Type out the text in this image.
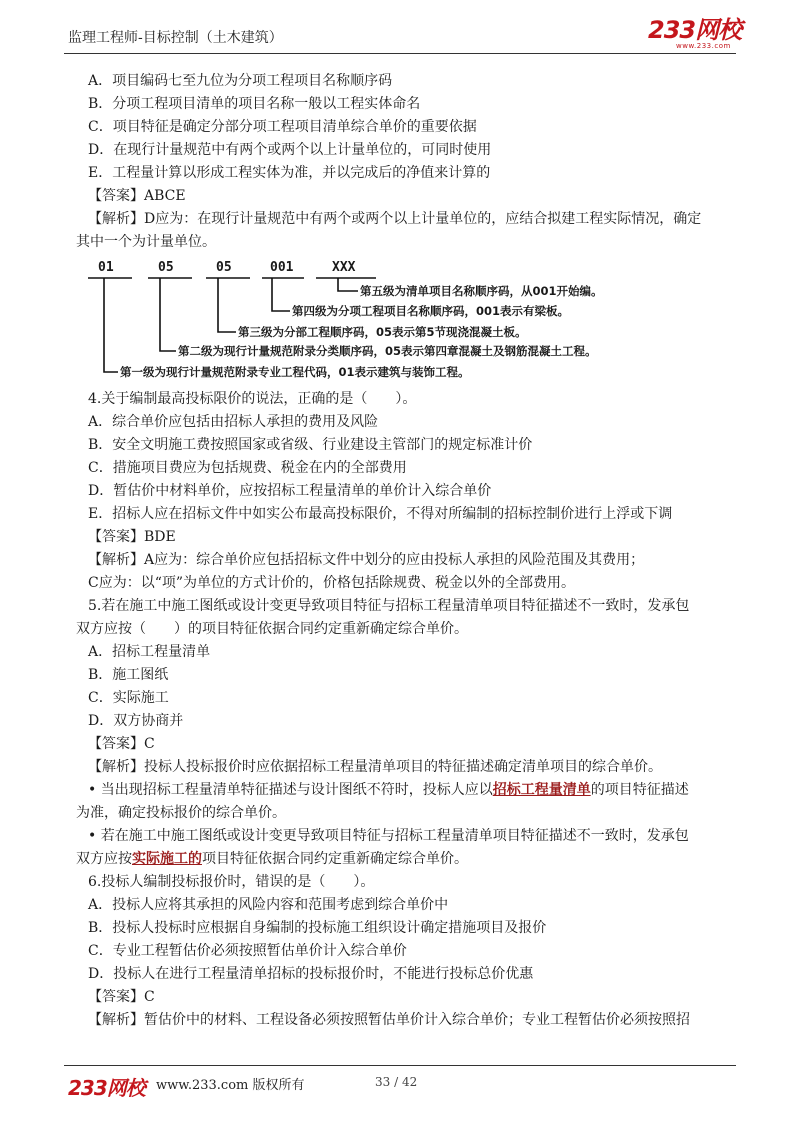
监理工程师-目标控制（土木建筑）	233网校
www.233.com
A．项目编码七至九位为分项工程项目名称顺序码
B．分项工程项目清单的项目名称一般以工程实体命名
C．项目特征是确定分部分项工程项目清单综合单价的重要依据
D．在现行计量规范中有两个或两个以上计量单位的，可同时使用
E．工程量计算以形成工程实体为准，并以完成后的净值来计算的
【答案】ABCE
【解析】D应为：在现行计量规范中有两个或两个以上计量单位的，应结合拟建工程实际情况，确定
其中一个为计量单位。
01	05	05	001	XXX
第五级为清单项目名称顺序码，从001开始编。
第四级为分项工程项目名称顺序码，001表示有梁板。
第三级为分部工程顺序码，05表示第5节现浇混凝土板。
第二级为现行计量规范附录分类顺序码，05表示第四章混凝土及钢筋混凝土工程。
第一级为现行计量规范附录专业工程代码，01表示建筑与装饰工程。
4.关于编制最高投标限价的说法，正确的是（　　）。
A．综合单价应包括由招标人承担的费用及风险
B．安全文明施工费按照国家或省级、行业建设主管部门的规定标准计价
C．措施项目费应为包括规费、税金在内的全部费用
D．暂估价中材料单价，应按招标工程量清单的单价计入综合单价
E．招标人应在招标文件中如实公布最高投标限价，不得对所编制的招标控制价进行上浮或下调
【答案】BDE
【解析】A应为：综合单价应包括招标文件中划分的应由投标人承担的风险范围及其费用；
C应为：以“项”为单位的方式计价的，价格包括除规费、税金以外的全部费用。
5.若在施工中施工图纸或设计变更导致项目特征与招标工程量清单项目特征描述不一致时，发承包
双方应按（　　）的项目特征依据合同约定重新确定综合单价。
A．招标工程量清单
B．施工图纸
C．实际施工
D．双方协商并
【答案】C
【解析】投标人投标报价时应依据招标工程量清单项目的特征描述确定清单项目的综合单价。
• 当出现招标工程量清单特征描述与设计图纸不符时，投标人应以招标工程量清单的项目特征描述
为准，确定投标报价的综合单价。
• 若在施工中施工图纸或设计变更导致项目特征与招标工程量清单项目特征描述不一致时，发承包
双方应按实际施工的项目特征依据合同约定重新确定综合单价。
6.投标人编制投标报价时，错误的是（　　）。
A．投标人应将其承担的风险内容和范围考虑到综合单价中
B．投标人投标时应根据自身编制的投标施工组织设计确定措施项目及报价
C．专业工程暂估价必须按照暂估单价计入综合单价
D．投标人在进行工程量清单招标的投标报价时，不能进行投标总价优惠
【答案】C
【解析】暂估价中的材料、工程设备必须按照暂估单价计入综合单价；专业工程暂估价必须按照招
233网校 www.233.com 版权所有	33 / 42
